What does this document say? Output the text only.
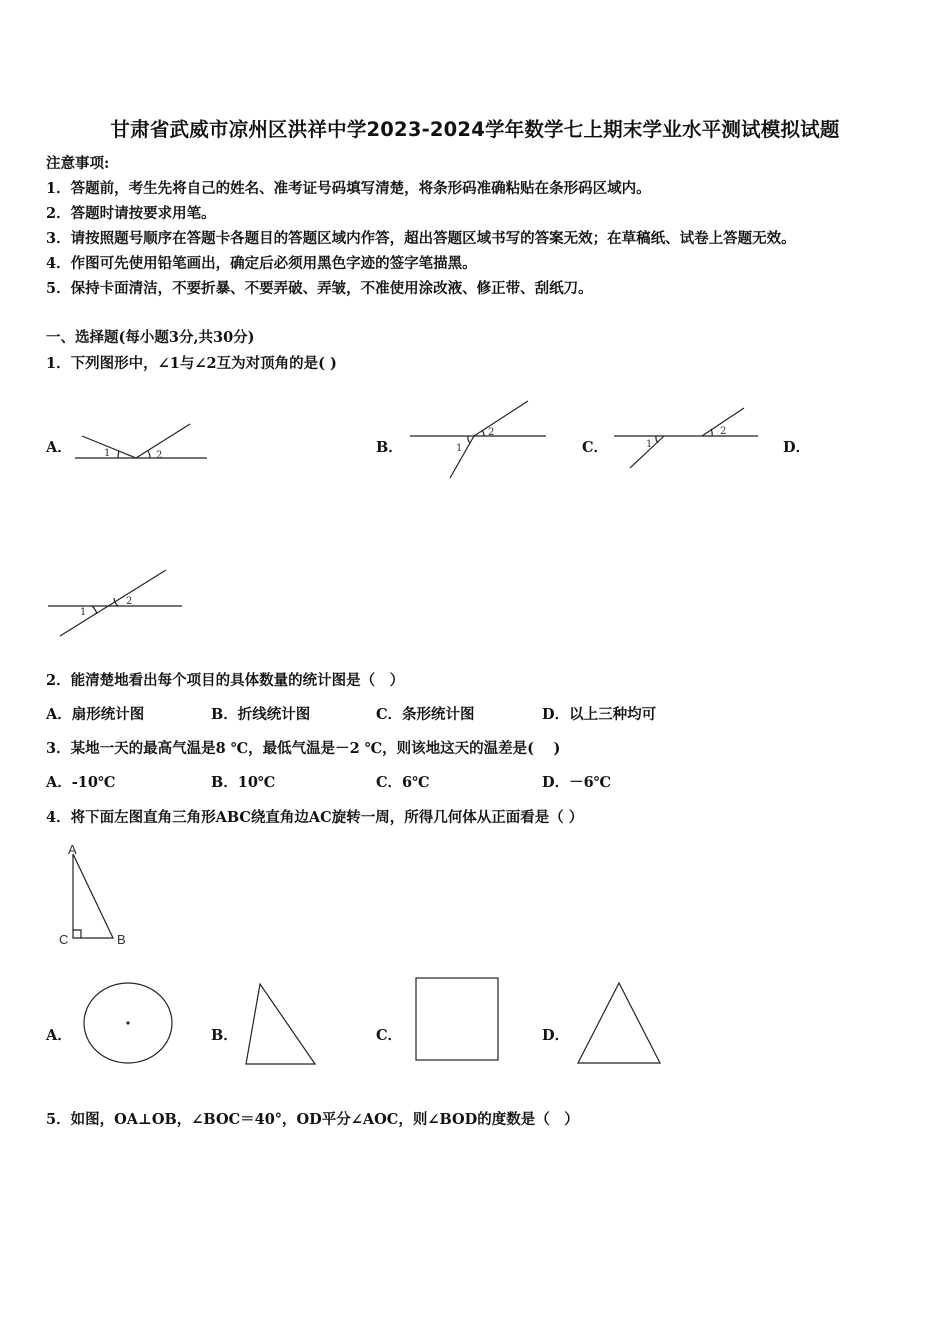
甘肃省武威市凉州区洪祥中学2023-2024学年数学七上期末学业水平测试模拟试题
注意事项:
1．答题前，考生先将自己的姓名、准考证号码填写清楚，将条形码准确粘贴在条形码区域内。
2．答题时请按要求用笔。
3．请按照题号顺序在答题卡各题目的答题区域内作答，超出答题区域书写的答案无效；在草稿纸、试卷上答题无效。
4．作图可先使用铅笔画出，确定后必须用黑色字迹的签字笔描黑。
5．保持卡面清洁，不要折暴、不要弄破、弄皱，不准使用涂改液、修正带、刮纸刀。
一、选择题(每小题3分,共30分)
1．下列图形中，∠1与∠2互为对顶角的是( )
A．	1	2	B．
2
1	C．	1
2
D．
1
2
2．能清楚地看出每个项目的具体数量的统计图是（　）
A．扇形统计图	B．折线统计图	C．条形统计图	D．以上三种均可
3．某地一天的最高气温是8 ℃，最低气温是－2 ℃，则该地这天的温差是(　 )
A．-10℃	B．10℃	C．6℃	D．－6℃
4．将下面左图直角三角形ABC绕直角边AC旋转一周，所得几何体从正面看是（ ）
A
C	B
A．	B．	C．	D．
5．如图，OA⊥OB，∠BOC＝40°，OD平分∠AOC，则∠BOD的度数是（　）
